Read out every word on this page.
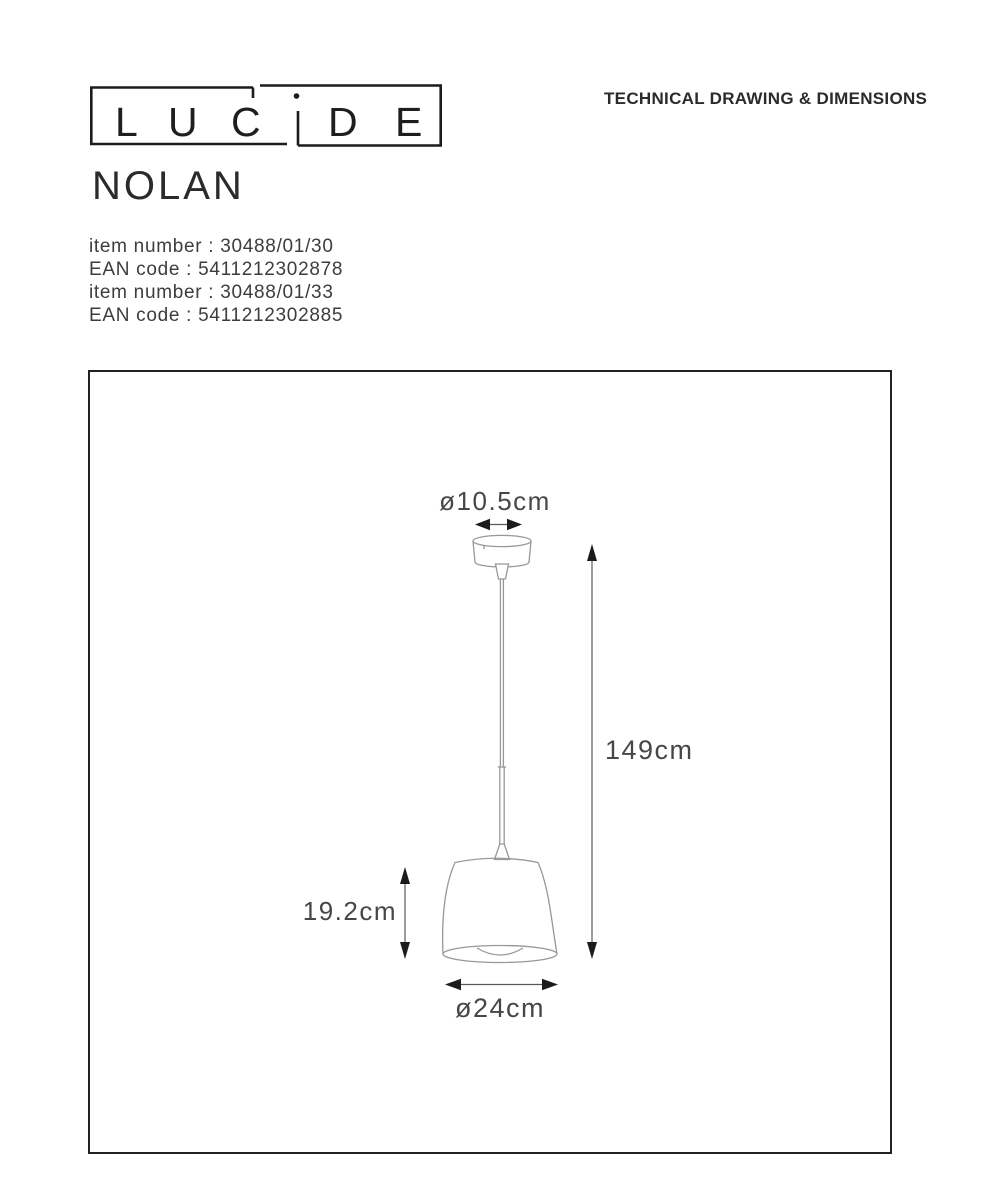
L U C D E
TECHNICAL DRAWING & DIMENSIONS
NOLAN
item number : 30488/01/30
EAN code : 5411212302878
item number : 30488/01/33
EAN code : 5411212302885
ø10.5cm
149cm
19.2cm
ø24cm
